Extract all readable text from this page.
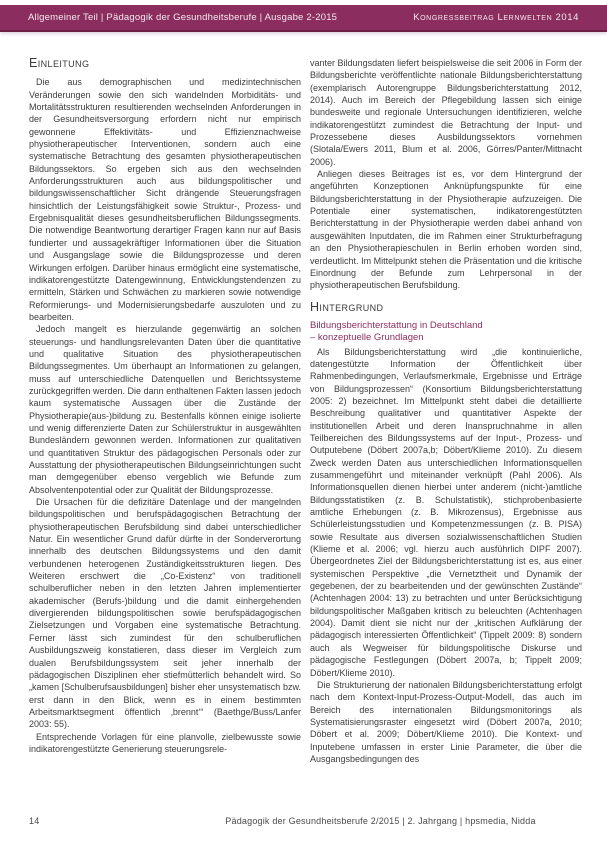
Allgemeiner Teil | Pädagogik der Gesundheitsberufe | Ausgabe 2-2015	Kongressbeitrag Lernwelten 2014
Einleitung

Die aus demographischen und medizintechnischen Veränderungen sowie den sich wandelnden Morbiditäts- und Mortalitätsstrukturen resultierenden wechselnden Anforderungen in der Gesundheitsversorgung erfordern nicht nur empirisch gewonnene Effektivitäts- und Effizienznachweise physiotherapeutischer Interventionen, sondern auch eine systematische Betrachtung des gesamten physiotherapeutischen Bildungssektors. So ergeben sich aus den wechselnden Anforderungsstrukturen auch aus bildungspolitischer und bildungswissenschaftlicher Sicht drängende Steuerungsfragen hinsichtlich der Leistungsfähigkeit sowie Struktur-, Prozess- und Ergebnisqualität dieses gesundheitsberuflichen Bildungssegments. Die notwendige Beantwortung derartiger Fragen kann nur auf Basis fundierter und aussagekräftiger Informationen über die Situation und Ausgangslage sowie die Bildungsprozesse und deren Wirkungen erfolgen. Darüber hinaus ermöglicht eine systematische, indikatorengestützte Datengewinnung, Entwicklungstendenzen zu ermitteln, Stärken und Schwächen zu markieren sowie notwendige Reformierungs- und Modernisierungsbedarfe auszuloten und zu bearbeiten.

Jedoch mangelt es hierzulande gegenwärtig an solchen steuerungs- und handlungsrelevanten Daten über die quantitative und qualitative Situation des physiotherapeutischen Bildungssegmentes. Um überhaupt an Informationen zu gelangen, muss auf unterschiedliche Datenquellen und Berichtssysteme zurückgegriffen werden. Die dann enthaltenen Fakten lassen jedoch kaum systematische Aussagen über die Zustände der Physiotherapie(aus-)bildung zu. Bestenfalls können einige isolierte und wenig differenzierte Daten zur Schülerstruktur in ausgewählten Bundesländern gewonnen werden. Informationen zur qualitativen und quantitativen Struktur des pädagogischen Personals oder zur Ausstattung der physiotherapeutischen Bildungseinrichtungen sucht man demgegenüber ebenso vergeblich wie Befunde zum Absolventenpotential oder zur Qualität der Bildungsprozesse.

Die Ursachen für die defizitäre Datenlage und der mangelnden bildungspolitischen und berufspädagogischen Betrachtung der physiotherapeutischen Berufsbildung sind dabei unterschiedlicher Natur. Ein wesentlicher Grund dafür dürfte in der Sonderverortung innerhalb des deutschen Bildungssystems und den damit verbundenen heterogenen Zuständigkeitsstrukturen liegen. Des Weiteren erschwert die „Co-Existenz“ von traditionell schulberuflicher neben in den letzten Jahren implementierter akademischer (Berufs-)bildung und die damit einhergehenden divergierenden bildungspolitischen sowie berufspädagogischen Zielsetzungen und Vorgaben eine systematische Betrachtung. Ferner lässt sich zumindest für den schulberuflichen Ausbildungszweig konstatieren, dass dieser im Vergleich zum dualen Berufsbildungssystem seit jeher innerhalb der pädagogischen Disziplinen eher stiefmütterlich behandelt wird. So „kamen [Schulberufsausbildungen] bisher eher unsystematisch bzw. erst dann in den Blick, wenn es in einem bestimmten Arbeitsmarktsegment öffentlich ‚brennt‘“ (Baethge/Buss/Lanfer 2003: 55).

Entsprechende Vorlagen für eine planvolle, zielbewusste sowie indikatorengestützte Generierung steuerungsrele-

vanter Bildungsdaten liefert beispielsweise die seit 2006 in Form der Bildungsberichte veröffentlichte nationale Bildungsberichterstattung (exemplarisch Autorengruppe Bildungsberichterstattung 2012, 2014). Auch im Bereich der Pflegebildung lassen sich einige bundesweite und regionale Untersuchungen identifizieren, welche indikatorengestützt zumindest die Betrachtung der Input- und Prozessebene dieses Ausbildungssektors vornehmen (Slotala/Ewers 2011, Blum et al. 2006, Görres/Panter/Mittnacht 2006).

Anliegen dieses Beitrages ist es, vor dem Hintergrund der angeführten Konzeptionen Anknüpfungspunkte für eine Bildungsberichterstattung in der Physiotherapie aufzuzeigen. Die Potentiale einer systematischen, indikatorengestützten Berichterstattung in der Physiotherapie werden dabei anhand von ausgewählten Inputdaten, die im Rahmen einer Strukturbefragung an den Physiotherapieschulen in Berlin erhoben worden sind, verdeutlicht. Im Mittelpunkt stehen die Präsentation und die kritische Einordnung der Befunde zum Lehrpersonal in der physiotherapeutischen Berufsbildung.

Hintergrund
Bildungsberichterstattung in Deutschland
– konzeptuelle Grundlagen

Als Bildungsberichterstattung wird „die kontinuierliche, datengestützte Information der Öffentlichkeit über Rahmenbedingungen, Verlaufsmerkmale, Ergebnisse und Erträge von Bildungsprozessen“ (Konsortium Bildungsberichterstattung 2005: 2) bezeichnet. Im Mittelpunkt steht dabei die detaillierte Beschreibung qualitativer und quantitativer Aspekte der institutionellen Arbeit und deren Inanspruchnahme in allen Teilbereichen des Bildungssystems auf der Input-, Prozess- und Outputebene (Döbert 2007a,b; Döbert/Klieme 2010). Zu diesem Zweck werden Daten aus unterschiedlichen Informationsquellen zusammengeführt und miteinander verknüpft (Pahl 2006). Als Informationsquellen dienen hierbei unter anderem (nicht-)amtliche Bildungsstatistiken (z. B. Schulstatistik), stichprobenbasierte amtliche Erhebungen (z. B. Mikrozensus), Ergebnisse aus Schülerleistungsstudien und Kompetenzmessungen (z. B. PISA) sowie Resultate aus diversen sozialwissenschaftlichen Studien (Klieme et al. 2006; vgl. hierzu auch ausführlich DIPF 2007). Übergeordnetes Ziel der Bildungsberichterstattung ist es, aus einer systemischen Perspektive „die Vernetztheit und Dynamik der gegebenen, der zu bearbeitenden und der gewünschten Zustände“ (Achtenhagen 2004: 13) zu betrachten und unter Berücksichtigung bildungspolitischer Maßgaben kritisch zu beleuchten (Achtenhagen 2004). Damit dient sie nicht nur der „kritischen Aufklärung der pädagogisch interessierten Öffentlichkeit“ (Tippelt 2009: 8) sondern auch als Wegweiser für bildungspolitische Diskurse und pädagogische Festlegungen (Döbert 2007a, b; Tippelt 2009; Döbert/Klieme 2010).

Die Strukturierung der nationalen Bildungsberichterstattung erfolgt nach dem Kontext-Input-Prozess-Output-Modell, das auch im Bereich des internationalen Bildungsmonitorings als Systematisierungsraster eingesetzt wird (Döbert 2007a, 2010; Döbert et al. 2009; Döbert/Klieme 2010). Die Kontext- und Inputebene umfassen in erster Linie Parameter, die über die Ausgangsbedingungen des

14	Pädagogik der Gesundheitsberufe 2/2015 | 2. Jahrgang | hpsmedia, Nidda
